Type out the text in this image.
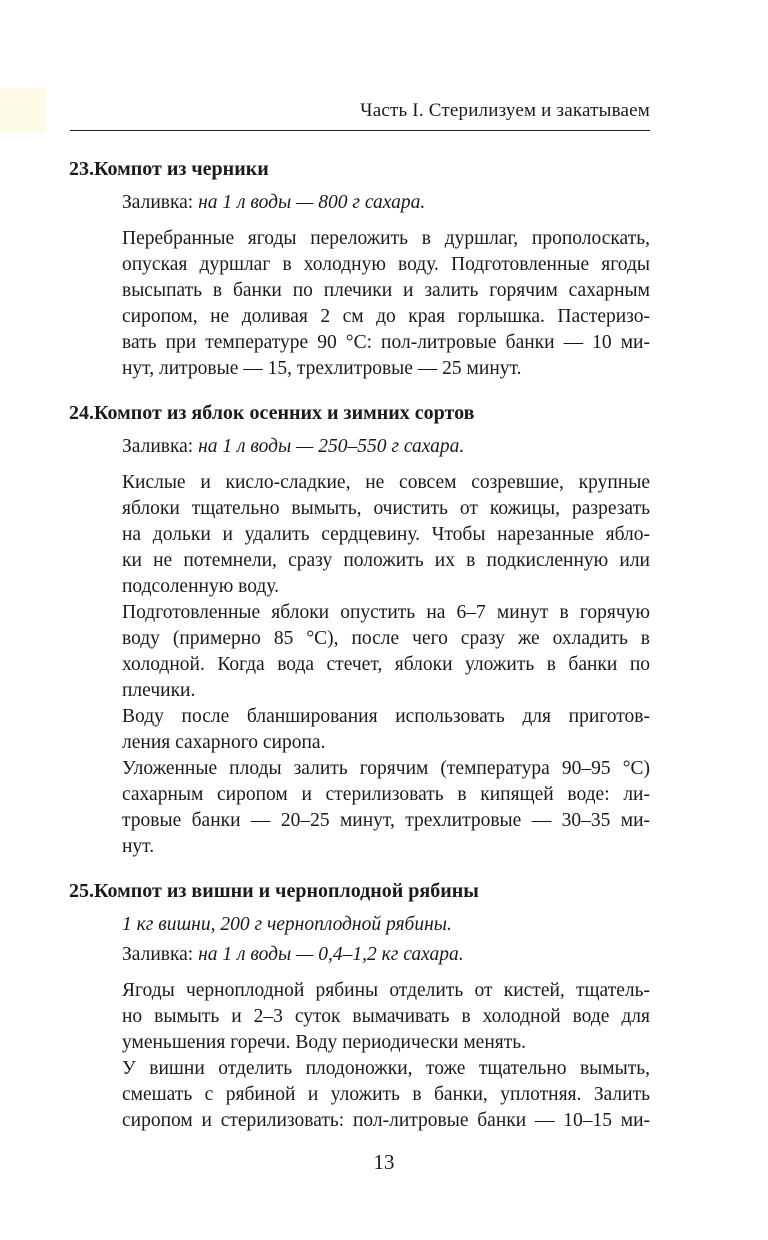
Часть I. Стерилизуем и закатываем
23.Компот из черники
Заливка: на 1 л воды — 800 г сахара.
Перебранные ягоды переложить в дуршлаг, прополоскать,
опуская дуршлаг в холодную воду. Подготовленные ягоды
высыпать в банки по плечики и залить горячим сахарным
сиропом, не доливая 2 см до края горлышка. Пастеризо-
вать при температуре 90 °С: пол-литровые банки — 10 ми-
нут, литровые — 15, трехлитровые — 25 минут.
24.Компот из яблок осенних и зимних сортов
Заливка: на 1 л воды — 250–550 г сахара.
Кислые и кисло-сладкие, не совсем созревшие, крупные
яблоки тщательно вымыть, очистить от кожицы, разрезать
на дольки и удалить сердцевину. Чтобы нарезанные ябло-
ки не потемнели, сразу положить их в подкисленную или
подсоленную воду.
Подготовленные яблоки опустить на 6–7 минут в горячую
воду (примерно 85 °С), после чего сразу же охладить в
холодной. Когда вода стечет, яблоки уложить в банки по
плечики.
Воду после бланширования использовать для приготов-
ления сахарного сиропа.
Уложенные плоды залить горячим (температура 90–95 °С)
сахарным сиропом и стерилизовать в кипящей воде: ли-
тровые банки — 20–25 минут, трехлитровые — 30–35 ми-
нут.
25.Компот из вишни и черноплодной рябины
1 кг вишни, 200 г черноплодной рябины.
Заливка: на 1 л воды — 0,4–1,2 кг сахара.
Ягоды черноплодной рябины отделить от кистей, тщатель-
но вымыть и 2–3 суток вымачивать в холодной воде для
уменьшения горечи. Воду периодически менять.
У вишни отделить плодоножки, тоже тщательно вымыть,
смешать с рябиной и уложить в банки, уплотняя. Залить
сиропом и стерилизовать: пол-литровые банки — 10–15 ми-
13
